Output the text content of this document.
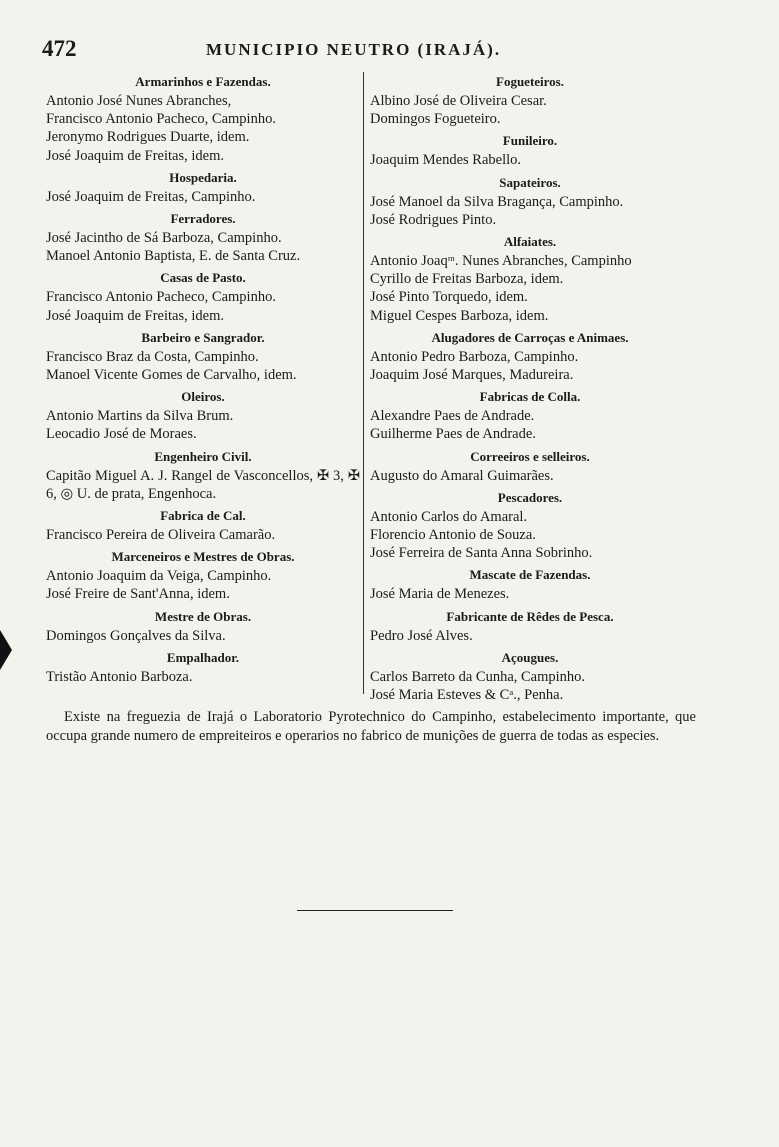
472	MUNICIPIO NEUTRO (IRAJÁ).
Armarinhos e Fazendas.
Antonio José Nunes Abranches,
Francisco Antonio Pacheco, Campinho.
Jeronymo Rodrigues Duarte, idem.
José Joaquim de Freitas, idem.
Hospedaria.
José Joaquim de Freitas, Campinho.
Ferradores.
José Jacintho de Sá Barboza, Campinho.
Manoel Antonio Baptista, E. de Santa Cruz.
Casas de Pasto.
Francisco Antonio Pacheco, Campinho.
José Joaquim de Freitas, idem.
Barbeiro e Sangrador.
Francisco Braz da Costa, Campinho.
Manoel Vicente Gomes de Carvalho, idem.
Oleiros.
Antonio Martins da Silva Brum.
Leocadio José de Moraes.
Engenheiro Civil.
Capitão Miguel A. J. Rangel de Vasconcellos, ✠ 3, ✠ 6, ◎ U. de prata, Engenhoca.
Fabrica de Cal.
Francisco Pereira de Oliveira Camarão.
Marceneiros e Mestres de Obras.
Antonio Joaquim da Veiga, Campinho.
José Freire de Sant'Anna, idem.
Mestre de Obras.
Domingos Gonçalves da Silva.
Empalhador.
Tristão Antonio Barboza.
Fogueteiros.
Albino José de Oliveira Cesar.
Domingos Fogueteiro.
Funileiro.
Joaquim Mendes Rabello.
Sapateiros.
José Manoel da Silva Bragança, Campinho.
José Rodrigues Pinto.
Alfaiates.
Antonio Joaqᵐ. Nunes Abranches, Campinho
Cyrillo de Freitas Barboza, idem.
José Pinto Torquedo, idem.
Miguel Cespes Barboza, idem.
Alugadores de Carroças e Animaes.
Antonio Pedro Barboza, Campinho.
Joaquim José Marques, Madureira.
Fabricas de Colla.
Alexandre Paes de Andrade.
Guilherme Paes de Andrade.
Correeiros e selleiros.
Augusto do Amaral Guimarães.
Pescadores.
Antonio Carlos do Amaral.
Florencio Antonio de Souza.
José Ferreira de Santa Anna Sobrinho.
Mascate de Fazendas.
José Maria de Menezes.
Fabricante de Rêdes de Pesca.
Pedro José Alves.
Açougues.
Carlos Barreto da Cunha, Campinho.
José Maria Esteves & Cᵃ., Penha.
Existe na freguezia de Irajá o Laboratorio Pyrotechnico do Campinho, estabelecimento importante, que occupa grande numero de empreiteiros e operarios no fabrico de munições de guerra de todas as especies.
